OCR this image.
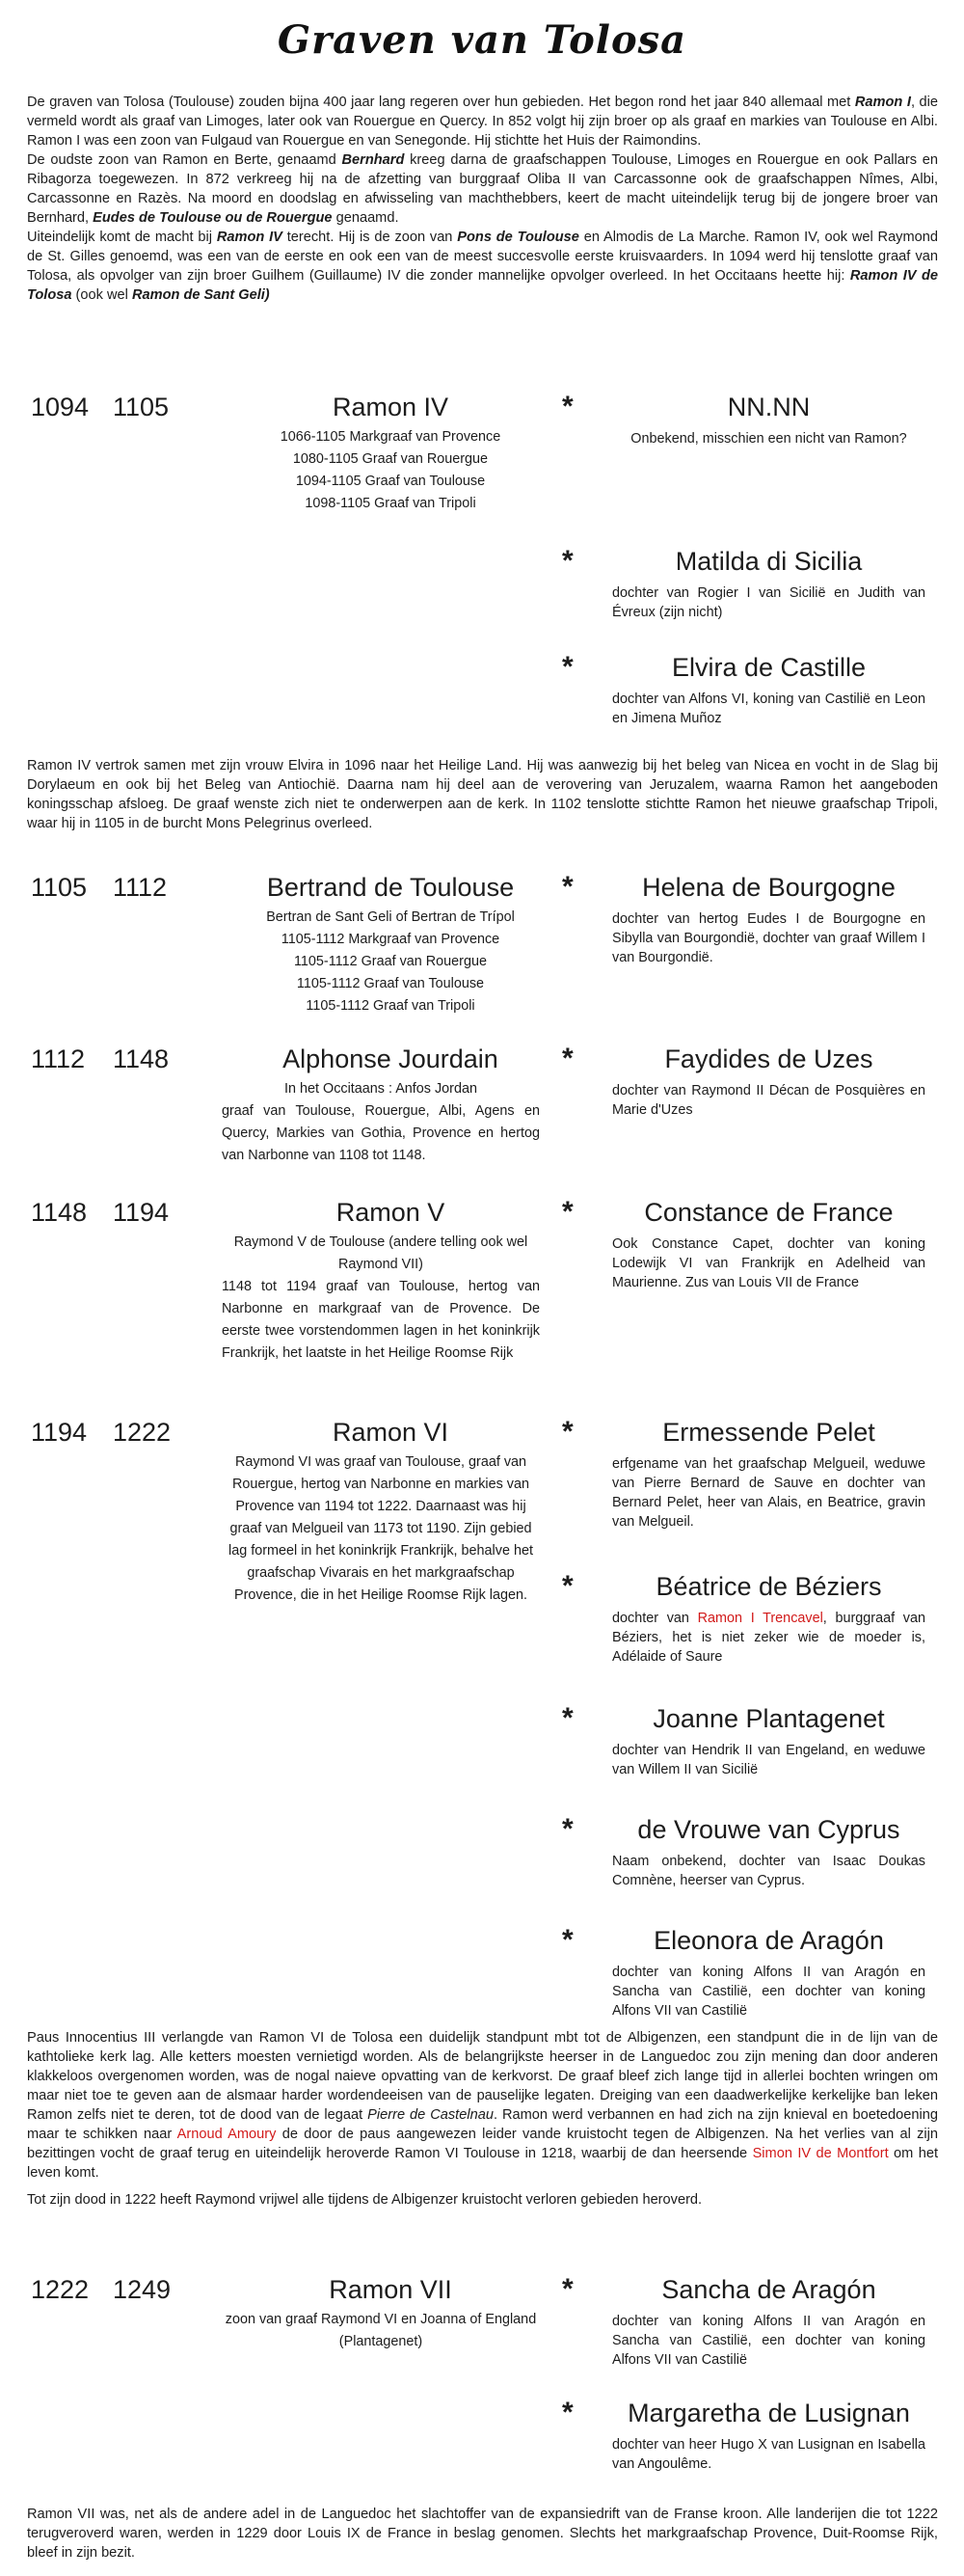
Graven van Tolosa

De graven van Tolosa (Toulouse) zouden bijna 400 jaar lang regeren over hun gebieden. Het begon rond het jaar 840 allemaal met Ramon I, die vermeld wordt als graaf van Limoges, later ook van Rouergue en Quercy. In 852 volgt hij zijn broer op als graaf en markies van Toulouse en Albi. Ramon I was een zoon van Fulgaud van Rouergue en van Senegonde. Hij stichtte het Huis der Raimondins.

De oudste zoon van Ramon en Berte, genaamd Bernhard kreeg darna de graafschappen Toulouse, Limoges en Rouergue en ook Pallars en Ribagorza toegewezen. In 872 verkreeg hij na de afzetting van burggraaf Oliba II van Carcassonne ook de graafschappen Nîmes, Albi, Carcassonne en Razès. Na moord en doodslag en afwisseling van machthebbers, keert de macht uiteindelijk terug bij de jongere broer van Bernhard, Eudes de Toulouse ou de Rouergue genaamd.

Uiteindelijk komt de macht bij Ramon IV terecht. Hij is de zoon van Pons de Toulouse en Almodis de La Marche. Ramon IV, ook wel Raymond de St. Gilles genoemd, was een van de eerste en ook een van de meest succesvolle eerste kruisvaarders. In 1094 werd hij tenslotte graaf van Tolosa, als opvolger van zijn broer Guilhem (Guillaume) IV die zonder mannelijke opvolger overleed. In het Occitaans heette hij: Ramon IV de Tolosa (ook wel Ramon de Sant Geli)

1094 1105	Ramon IV
1066-1105 Markgraaf van Provence
1080-1105 Graaf van Rouergue
1094-1105 Graaf van Toulouse
1098-1105 Graaf van Tripoli
*	NN.NN
Onbekend, misschien een nicht van Ramon?
*	Matilda di Sicilia
dochter van Rogier I van Sicilië en Judith van Évreux (zijn nicht)
*	Elvira de Castille
dochter van Alfons VI, koning van Castilië en Leon en Jimena Muñoz
Ramon IV vertrok samen met zijn vrouw Elvira in 1096 naar het Heilige Land. Hij was aanwezig bij het beleg van Nicea en vocht in de Slag bij Dorylaeum en ook bij het Beleg van Antiochië. Daarna nam hij deel aan de verovering van Jeruzalem, waarna Ramon het aangeboden koningsschap afsloeg. De graaf wenste zich niet te onderwerpen aan de kerk. In 1102 tenslotte stichtte Ramon het nieuwe graafschap Tripoli, waar hij in 1105 in de burcht Mons Pelegrinus overleed.
1105 1112	Bertrand de Toulouse
Bertran de Sant Geli of Bertran de Trípol
1105-1112 Markgraaf van Provence
1105-1112 Graaf van Rouergue
1105-1112 Graaf van Toulouse
1105-1112 Graaf van Tripoli
*	Helena de Bourgogne
dochter van hertog Eudes I de Bourgogne en Sibylla van Bourgondië, dochter van graaf Willem I van Bourgondië.
1112 1148	Alphonse Jourdain
In het Occitaans : Anfos Jordan
graaf van Toulouse, Rouergue, Albi, Agens en Quercy, Markies van Gothia, Provence en hertog van Narbonne van 1108 tot 1148.
*	Faydides de Uzes
dochter van Raymond II Décan de Posquières en Marie d'Uzes
1148 1194	Ramon V
Raymond V de Toulouse (andere telling ook wel Raymond VII)
1148 tot 1194 graaf van Toulouse, hertog van Narbonne en markgraaf van de Provence. De eerste twee vorstendommen lagen in het koninkrijk Frankrijk, het laatste in het Heilige Roomse Rijk
*	Constance de France
Ook Constance Capet, dochter van koning Lodewijk VI van Frankrijk en Adelheid van Maurienne. Zus van Louis VII de France
1194 1222	Ramon VI
Raymond VI was graaf van Toulouse, graaf van Rouergue, hertog van Narbonne en markies van Provence van 1194 tot 1222. Daarnaast was hij graaf van Melgueil van 1173 tot 1190. Zijn gebied lag formeel in het koninkrijk Frankrijk, behalve het graafschap Vivarais en het markgraafschap Provence, die in het Heilige Roomse Rijk lagen.
*	Ermessende Pelet
erfgename van het graafschap Melgueil, weduwe van Pierre Bernard de Sauve en dochter van Bernard Pelet, heer van Alais, en Beatrice, gravin van Melgueil.
*	Béatrice de Béziers
dochter van Ramon I Trencavel, burggraaf van Béziers, het is niet zeker wie de moeder is, Adélaide of Saure
*	Joanne Plantagenet
dochter van Hendrik II van Engeland, en weduwe van Willem II van Sicilië
*	de Vrouwe van Cyprus
Naam onbekend, dochter van Isaac Doukas Comnène, heerser van Cyprus.
*	Eleonora de Aragón
dochter van koning Alfons II van Aragón en Sancha van Castilië, een dochter van koning Alfons VII van Castilië

Paus Innocentius III verlangde van Ramon VI de Tolosa een duidelijk standpunt mbt tot de Albigenzen, een standpunt die in de lijn van de kathtolieke kerk lag. Alle ketters moesten vernietigd worden. Als de belangrijkste heerser in de Languedoc zou zijn mening dan door anderen klakkeloos overgenomen worden, was de nogal naieve opvatting van de kerkvorst. De graaf bleef zich lange tijd in allerlei bochten wringen om maar niet toe te geven aan de alsmaar harder wordendeeisen van de pauselijke legaten. Dreiging van een daadwerkelijke kerkelijke ban leken Ramon zelfs niet te deren, tot de dood van de legaat Pierre de Castelnau. Ramon werd verbannen en had zich na zijn knieval en boetedoening maar te schikken naar Arnoud Amoury de door de paus aangewezen leider vande kruistocht tegen de Albigenzen. Na het verlies van al zijn bezittingen vocht de graaf terug en uiteindelijk heroverde Ramon VI Toulouse in 1218, waarbij de dan heersende Simon IV de Montfort om het leven komt.

Tot zijn dood in 1222 heeft Raymond vrijwel alle tijdens de Albigenzer kruistocht verloren gebieden heroverd.

1222 1249	Ramon VII
zoon van graaf Raymond VI en Joanna of England (Plantagenet)
*	Sancha de Aragón
dochter van koning Alfons II van Aragón en Sancha van Castilië, een dochter van koning Alfons VII van Castilië
*	Margaretha de Lusignan
dochter van heer Hugo X van Lusignan en Isabella van Angoulême.
Ramon VII was, net als de andere adel in de Languedoc het slachtoffer van de expansiedrift van de Franse kroon. Alle landerijen die tot 1222 terugveroverd waren, werden in 1229 door Louis IX de France in beslag genomen. Slechts het markgraafschap Provence, Duit-Roomse Rijk, bleef in zijn bezit.
